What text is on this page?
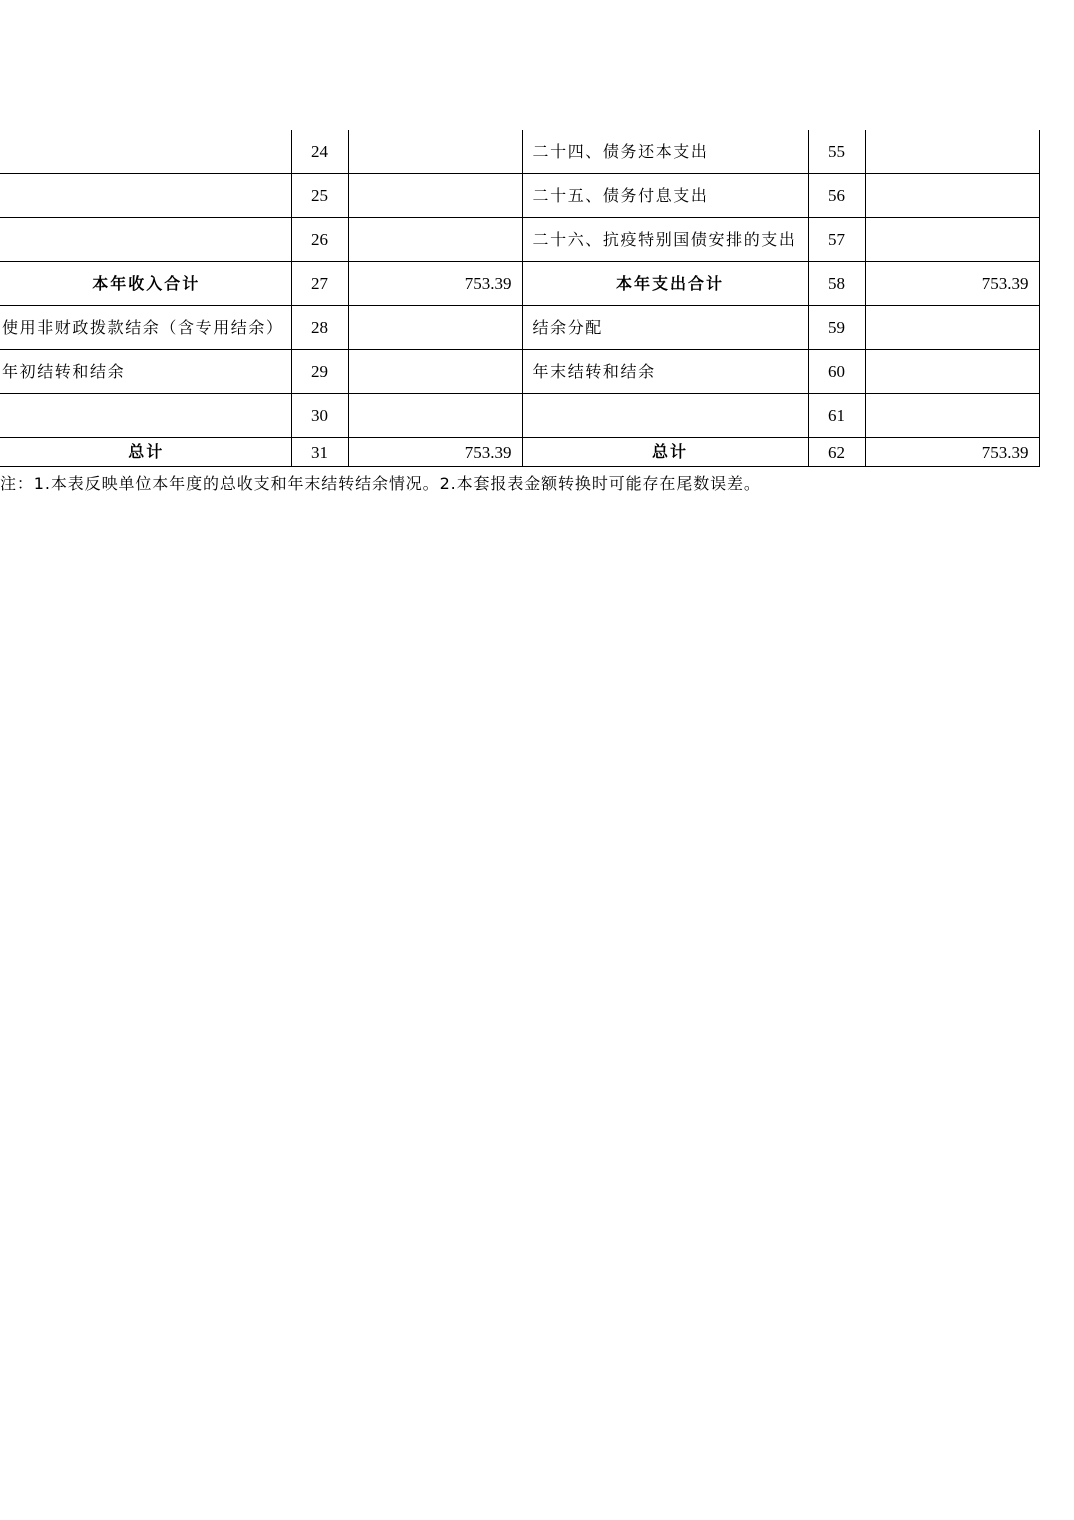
	24		二十四、债务还本支出	55	
	25		二十五、债务付息支出	56	
	26		二十六、抗疫特别国债安排的支出	57	
本年收入合计	27	753.39	本年支出合计	58	753.39
使用非财政拨款结余（含专用结余）	28		结余分配	59	
年初结转和结余	29		年末结转和结余	60	
	30			61	
总计	31	753.39	总计	62	753.39
注：1.本表反映单位本年度的总收支和年末结转结余情况。2.本套报表金额转换时可能存在尾数误差。
